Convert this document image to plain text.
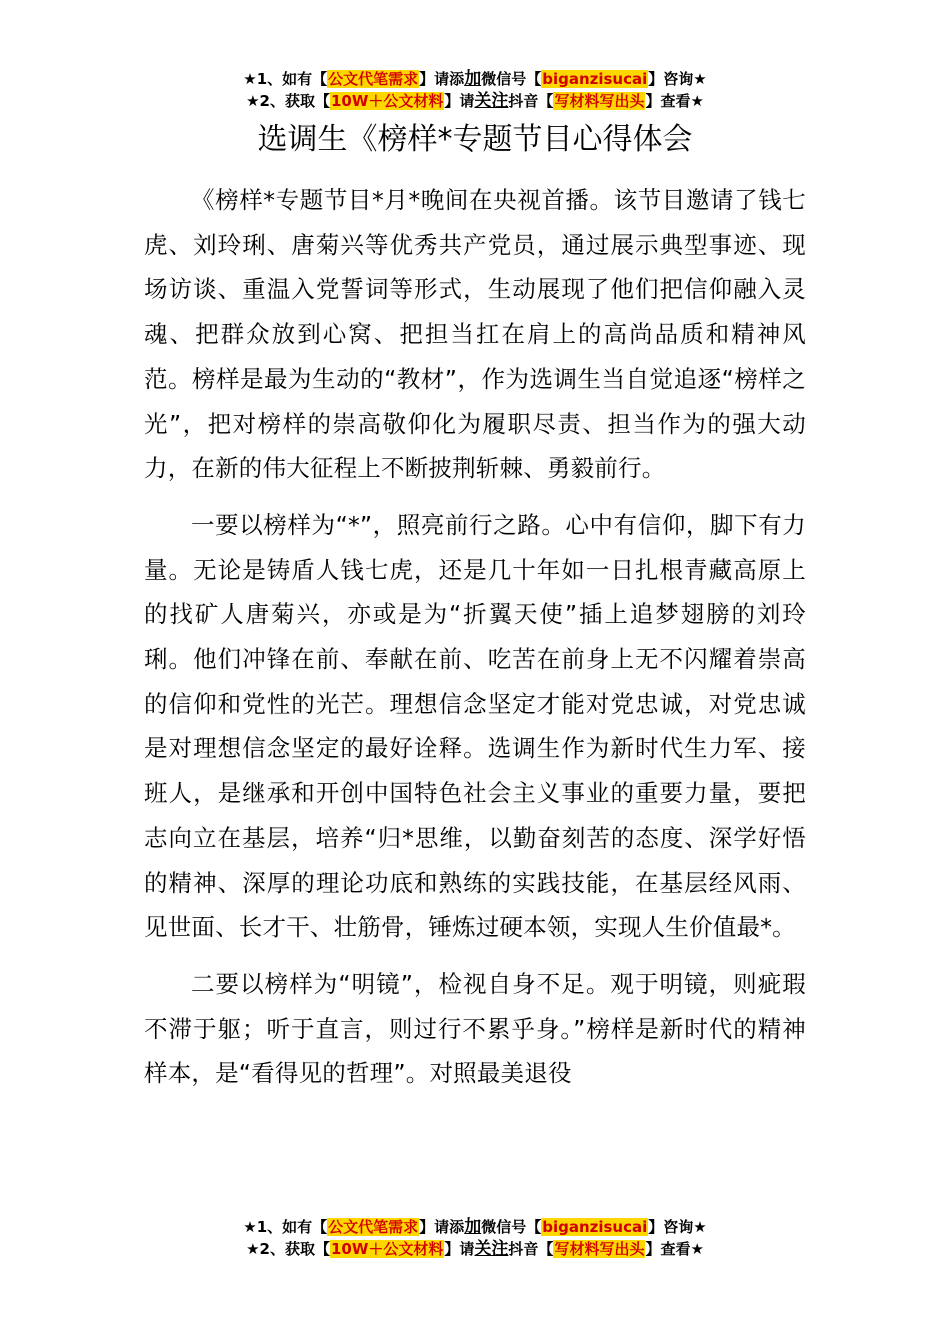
★1、如有【公文代笔需求】请添加微信号【biganzisucai】咨询★
★2、获取【10W＋公文材料】请关注抖音【写材料写出头】查看★
选调生《榜样*专题节目心得体会

《榜样*专题节目*月*晚间在央视首播。该节目邀请了钱七虎、刘玲琍、唐菊兴等优秀共产党员，通过展示典型事迹、现场访谈、重温入党誓词等形式，生动展现了他们把信仰融入灵魂、把群众放到心窝、把担当扛在肩上的高尚品质和精神风范。榜样是最为生动的“教材”，作为选调生当自觉追逐“榜样之光”，把对榜样的崇高敬仰化为履职尽责、担当作为的强大动力，在新的伟大征程上不断披荆斩棘、勇毅前行。

一要以榜样为“*”，照亮前行之路。心中有信仰，脚下有力量。无论是铸盾人钱七虎，还是几十年如一日扎根青藏高原上的找矿人唐菊兴，亦或是为“折翼天使”插上追梦翅膀的刘玲琍。他们冲锋在前、奉献在前、吃苦在前身上无不闪耀着崇高的信仰和党性的光芒。理想信念坚定才能对党忠诚，对党忠诚是对理想信念坚定的最好诠释。选调生作为新时代生力军、接班人，是继承和开创中国特色社会主义事业的重要力量，要把志向立在基层，培养“归*思维，以勤奋刻苦的态度、深学好悟的精神、深厚的理论功底和熟练的实践技能，在基层经风雨、见世面、长才干、壮筋骨，锤炼过硬本领，实现人生价值最*。

二要以榜样为“明镜”，检视自身不足。观于明镜，则疵瑕不滞于躯；听于直言，则过行不累乎身。”榜样是新时代的精神样本，是“看得见的哲理”。对照最美退役

★1、如有【公文代笔需求】请添加微信号【biganzisucai】咨询★
★2、获取【10W＋公文材料】请关注抖音【写材料写出头】查看★
